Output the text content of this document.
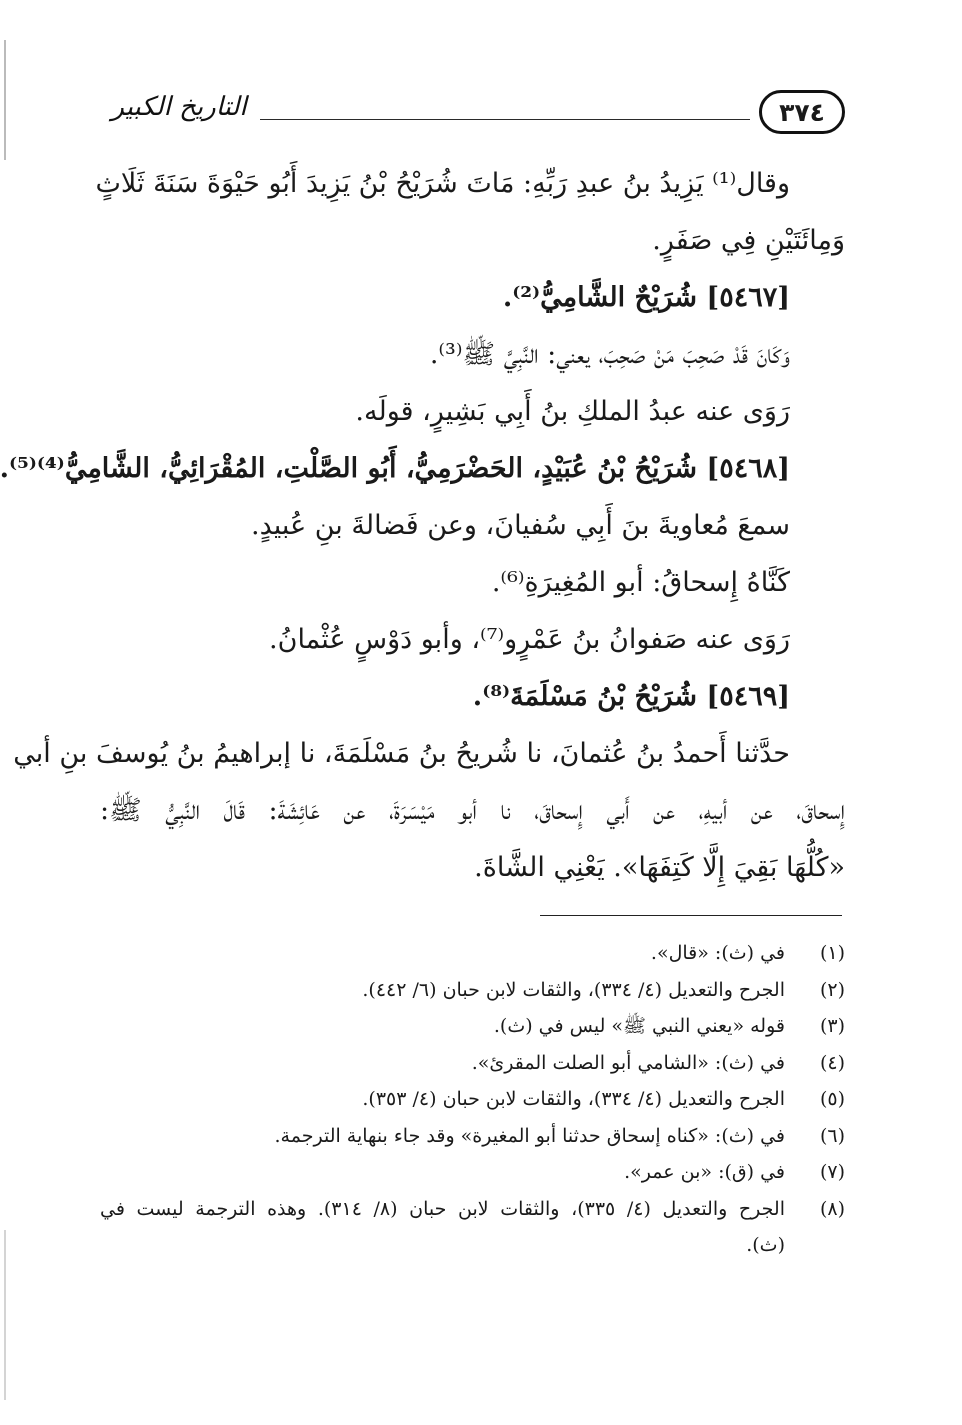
التاريخ الكبير	٣٧٤
وقال⁽¹⁾ يَزِيدُ بنُ عبدِ رَبِّهِ: مَاتَ شُرَيْحُ بْنُ يَزِيدَ أَبُو حَيْوَةَ سَنَةَ ثَلَاثٍ
وَمِائَتَيْنِ فِي صَفَرٍ.
[٥٤٦٧] شُرَيْحٌ الشَّامِيُّ⁽²⁾.
وَكَانَ قَدْ صَحِبَ مَنْ صَحِبَ، يعني: النَّبِيَّ ﷺ⁽³⁾.
رَوَى عنه عبدُ الملكِ بنُ أَبِي بَشِيرٍ، قولَه.
[٥٤٦٨] شُرَيْحُ بْنُ عُبَيْدٍ، الحَضْرَمِيُّ، أَبُو الصَّلْتِ، المُقْرَائِيُّ، الشَّامِيُّ⁽⁴⁾⁽⁵⁾.
سمعَ مُعاويةَ بنَ أَبِي سُفيانَ، وعن فَضالةَ بنِ عُبيدٍ.
كَنَّاهُ إِسحاقُ: أبو المُغِيرَةِ⁽⁶⁾.
رَوَى عنه صَفوانُ بنُ عَمْرٍو⁽⁷⁾، وأبو دَوْسٍ عُثْمانُ.
[٥٤٦٩] شُرَيْحُ بْنُ مَسْلَمَةَ⁽⁸⁾.
حدَّثنا أَحمدُ بنُ عُثمانَ، نا شُريحُ بنُ مَسْلَمَةَ، نا إبراهيمُ بنُ يُوسفَ بنِ أبي
إِسحاقَ، عن أبيهِ، عن أَبي إِسحاقَ، نا أبو مَيْسَرَةَ، عن عَائِشَةَ: قَالَ النَّبِيُّ ﷺ:
«كُلُّهَا بَقِيَ إِلَّا كَتِفَهَا». يَعْنِي الشَّاةَ.
(١)
في (ث): «قال».
(٢)
الجرح والتعديل (٤/ ٣٣٤)، والثقات لابن حبان (٦/ ٤٤٢).
(٣)
قوله «يعني النبي ﷺ» ليس في (ث).
(٤)
في (ث): «الشامي أبو الصلت المقرئ».
(٥)
الجرح والتعديل (٤/ ٣٣٤)، والثقات لابن حبان (٤/ ٣٥٣).
(٦)
في (ث): «كناه إسحاق حدثنا أبو المغيرة» وقد جاء بنهاية الترجمة.
(٧)
في (ق): «بن عمر».
(٨)
الجرح والتعديل (٤/ ٣٣٥)، والثقات لابن حبان (٨/ ٣١٤). وهذه الترجمة ليست في
(ث).
